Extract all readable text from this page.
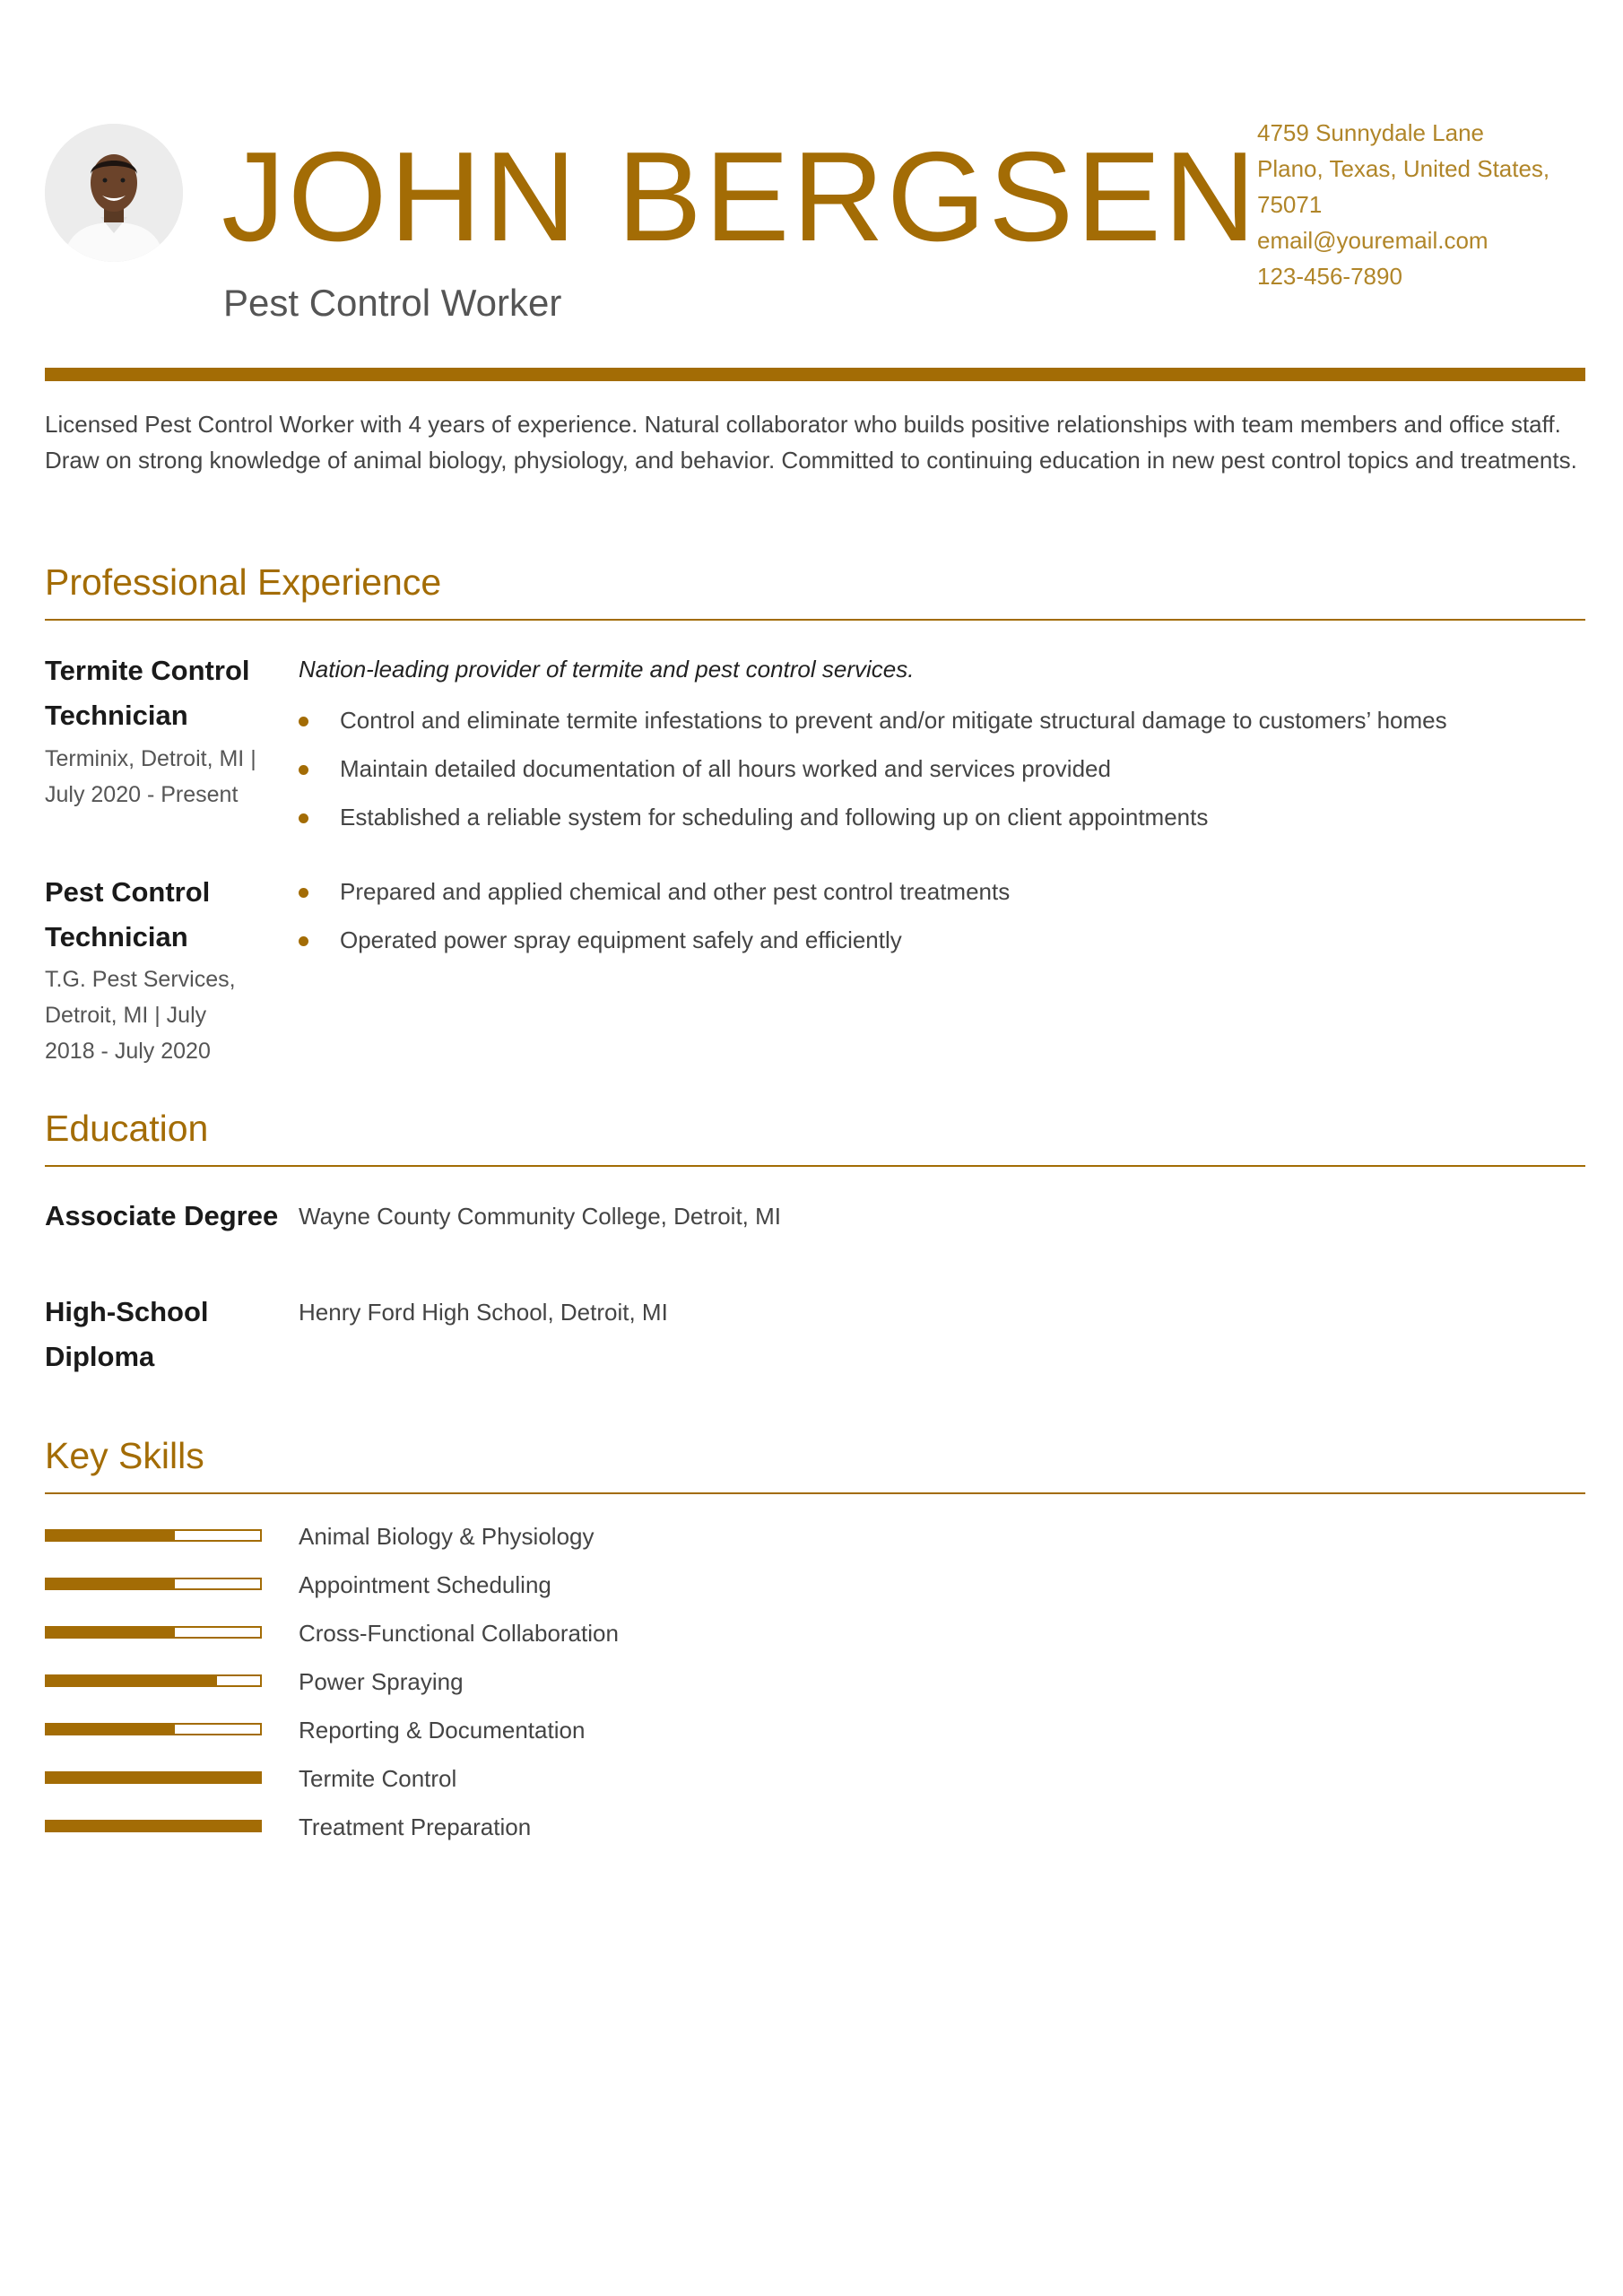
JOHN BERGSEN
Pest Control Worker
4759 Sunnydale Lane
Plano, Texas, United States,
75071
email@youremail.com
123-456-7890
Licensed Pest Control Worker with 4 years of experience. Natural collaborator who builds positive relationships with team members and office staff. Draw on strong knowledge of animal biology, physiology, and behavior. Committed to continuing education in new pest control topics and treatments.
Professional Experience
Termite Control
Technician
Terminix, Detroit, MI |
July 2020 - Present
Nation-leading provider of termite and pest control services.
Control and eliminate termite infestations to prevent and/or mitigate structural damage to customers’ homes
Maintain detailed documentation of all hours worked and services provided
Established a reliable system for scheduling and following up on client appointments
Pest Control
Technician
T.G. Pest Services,
Detroit, MI | July
2018 - July 2020
Prepared and applied chemical and other pest control treatments
Operated power spray equipment safely and efficiently
Education
Associate Degree Wayne County Community College, Detroit, MI
High-School
Diploma
Henry Ford High School, Detroit, MI
Key Skills
Animal Biology & Physiology
Appointment Scheduling
Cross-Functional Collaboration
Power Spraying
Reporting & Documentation
Termite Control
Treatment Preparation
